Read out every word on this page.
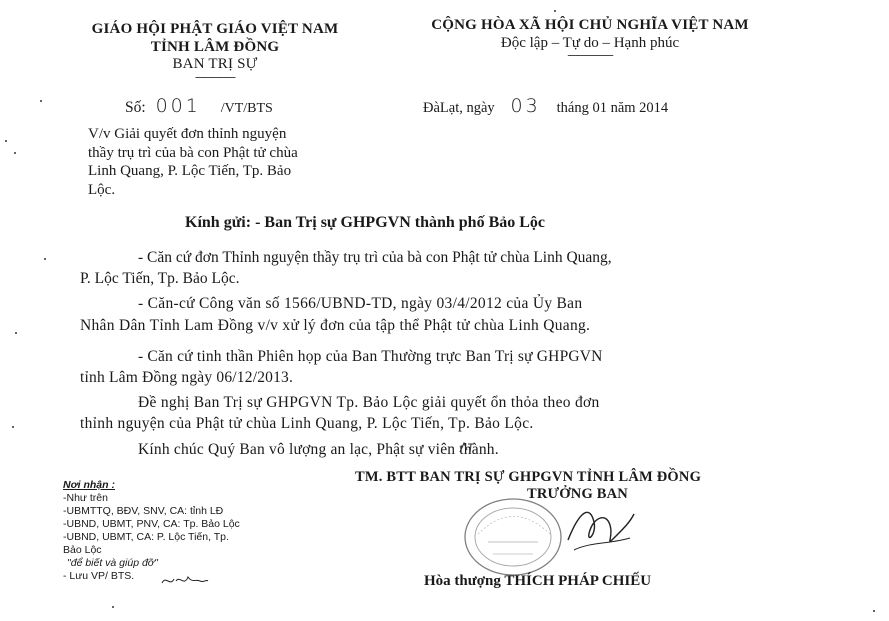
GIÁO HỘI PHẬT GIÁO VIỆT NAM
TỈNH LÂM ĐỒNG
BAN TRỊ SỰ
---------------
CỘNG HÒA XÃ HỘI CHỦ NGHĨA VIỆT NAM
Độc lập – Tự do – Hạnh phúc
-----------------
Số: 001 /VT/BTS	ĐàLạt, ngày 03 tháng 01 năm 2014
V/v Giải quyết đơn thỉnh nguyện
thầy trụ trì của bà con Phật tử chùa
Linh Quang, P. Lộc Tiến, Tp. Bảo
Lộc.
Kính gửi: - Ban Trị sự GHPGVN thành phố Bảo Lộc
- Căn cứ đơn Thỉnh nguyện thầy trụ trì của bà con Phật tử chùa Linh Quang,
P. Lộc Tiến, Tp. Bảo Lộc.
- Căn-cứ Công văn số 1566/UBND-TD, ngày 03/4/2012 của Ủy Ban
Nhân Dân Tỉnh Lam Đồng v/v xử lý đơn của tập thể Phật tử chùa Linh Quang.
- Căn cứ tinh thần Phiên họp của Ban Thường trực Ban Trị sự GHPGVN
tỉnh Lâm Đồng ngày 06/12/2013.
Đề nghị Ban Trị sự GHPGVN Tp. Bảo Lộc giải quyết ổn thỏa theo đơn
thỉnh nguyện của Phật tử chùa Linh Quang, P. Lộc Tiến, Tp. Bảo Lộc.
Kính chúc Quý Ban vô lượng an lạc, Phật sự viên thành.
Nơi nhận :
-Như trên
-UBMTTQ, BĐV, SNV, CA: tỉnh LĐ
-UBND, UBMT, PNV, CA: Tp. Bảo Lộc
-UBND, UBMT, CA: P. Lộc Tiến, Tp.
Bảo Lộc
"để biết và giúp đỡ"
- Lưu VP/ BTS.
TM. BTT BAN TRỊ SỰ GHPGVN TỈNH LÂM ĐỒNG
TRƯỞNG BAN
Hòa thượng THÍCH PHÁP CHIẾU
